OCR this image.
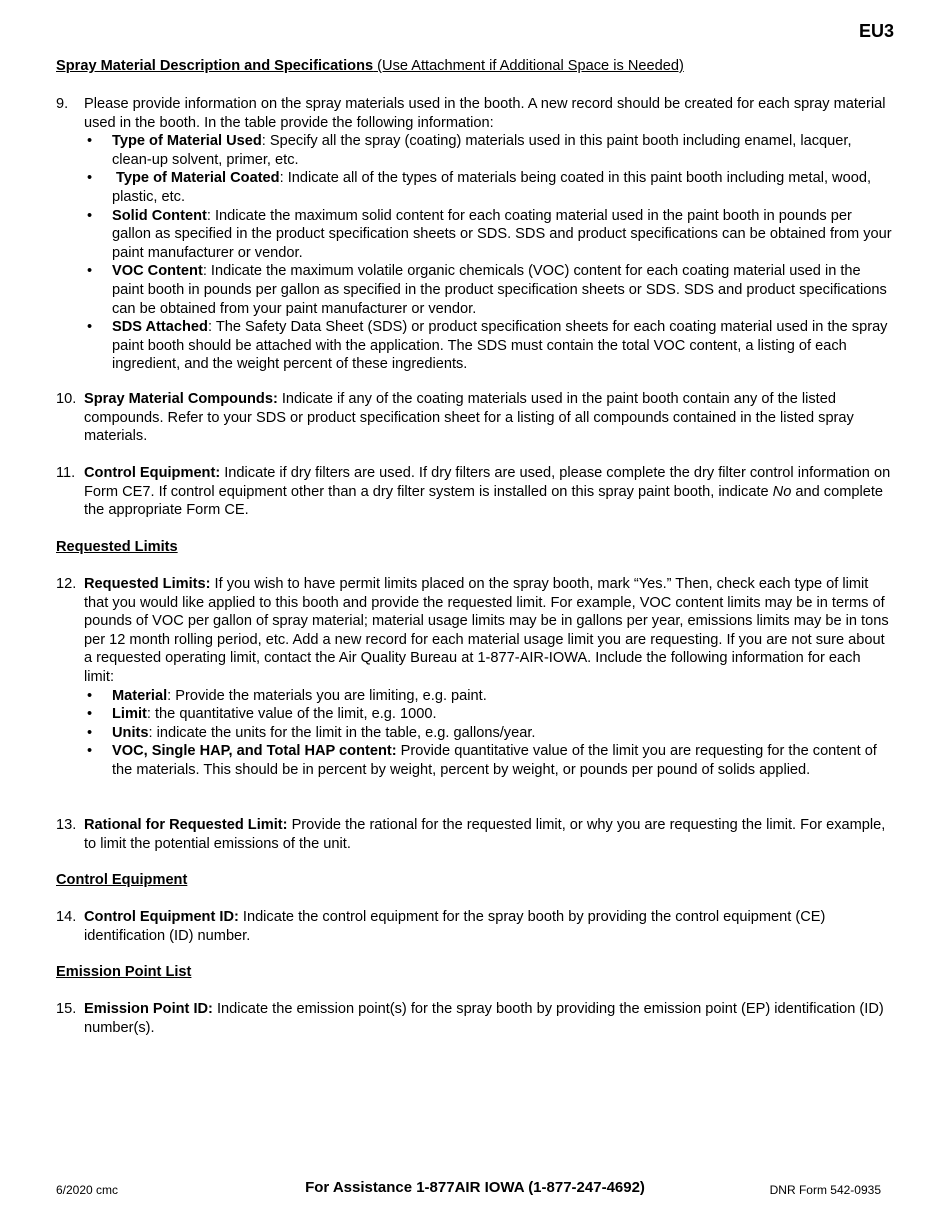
EU3
Spray Material Description and Specifications (Use Attachment if Additional Space is Needed)
9.	Please provide information on the spray materials used in the booth. A new record should be created for each spray material used in the booth. In the table provide the following information:

• Type of Material Used: Specify all the spray (coating) materials used in this paint booth including enamel, lacquer, clean-up solvent, primer, etc.
•  Type of Material Coated: Indicate all of the types of materials being coated in this paint booth including metal, wood, plastic, etc.
• Solid Content: Indicate the maximum solid content for each coating material used in the paint booth in pounds per gallon as specified in the product specification sheets or SDS. SDS and product specifications can be obtained from your paint manufacturer or vendor.
• VOC Content: Indicate the maximum volatile organic chemicals (VOC) content for each coating material used in the paint booth in pounds per gallon as specified in the product specification sheets or SDS. SDS and product specifications can be obtained from your paint manufacturer or vendor.
• SDS Attached: The Safety Data Sheet (SDS) or product specification sheets for each coating material used in the spray paint booth should be attached with the application. The SDS must contain the total VOC content, a listing of each ingredient, and the weight percent of these ingredients.
10. Spray Material Compounds: Indicate if any of the coating materials used in the paint booth contain any of the listed compounds. Refer to your SDS or product specification sheet for a listing of all compounds contained in the listed spray materials.

11. Control Equipment: Indicate if dry filters are used. If dry filters are used, please complete the dry filter control information on Form CE7. If control equipment other than a dry filter system is installed on this spray paint booth, indicate No and complete the appropriate Form CE.

Requested Limits
12. Requested Limits: If you wish to have permit limits placed on the spray booth, mark “Yes.” Then, check each type of limit that you would like applied to this booth and provide the requested limit. For example, VOC content limits may be in terms of pounds of VOC per gallon of spray material; material usage limits may be in gallons per year, emissions limits may be in tons per 12 month rolling period, etc. Add a new record for each material usage limit you are requesting. If you are not sure about a requested operating limit, contact the Air Quality Bureau at 1-877-AIR-IOWA. Include the following information for each limit:

• Material: Provide the materials you are limiting, e.g. paint.
• Limit: the quantitative value of the limit, e.g. 1000.
• Units: indicate the units for the limit in the table, e.g. gallons/year.
• VOC, Single HAP, and Total HAP content: Provide quantitative value of the limit you are requesting for the content of the materials. This should be in percent by weight, percent by weight, or pounds per pound of solids applied.
13. Rational for Requested Limit: Provide the rational for the requested limit, or why you are requesting the limit. For example, to limit the potential emissions of the unit.

Control Equipment
14. Control Equipment ID: Indicate the control equipment for the spray booth by providing the control equipment (CE) identification (ID) number.

Emission Point List
15. Emission Point ID: Indicate the emission point(s) for the spray booth by providing the emission point (EP) identification (ID) number(s).

6/2020 cmc	For Assistance 1-877AIR IOWA (1-877-247-4692)	DNR Form 542-0935
